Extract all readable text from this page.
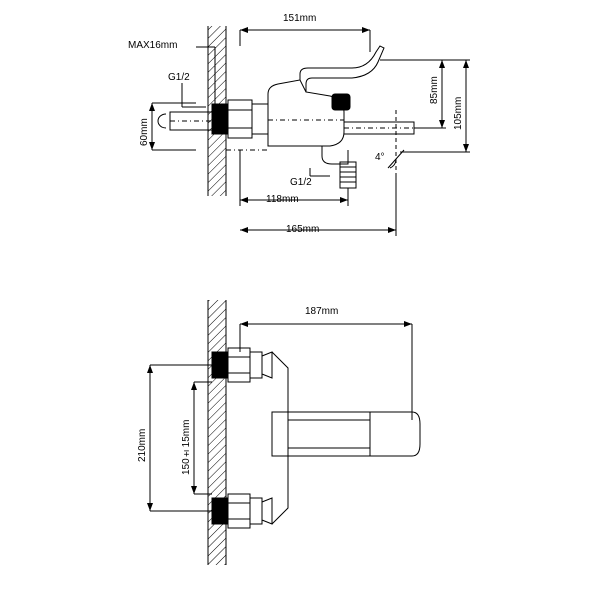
MAX16mm
151mm
G1/2
60mm
85mm
105mm
G1/2
118mm
165mm
4°
187mm
210mm	150±15mm
